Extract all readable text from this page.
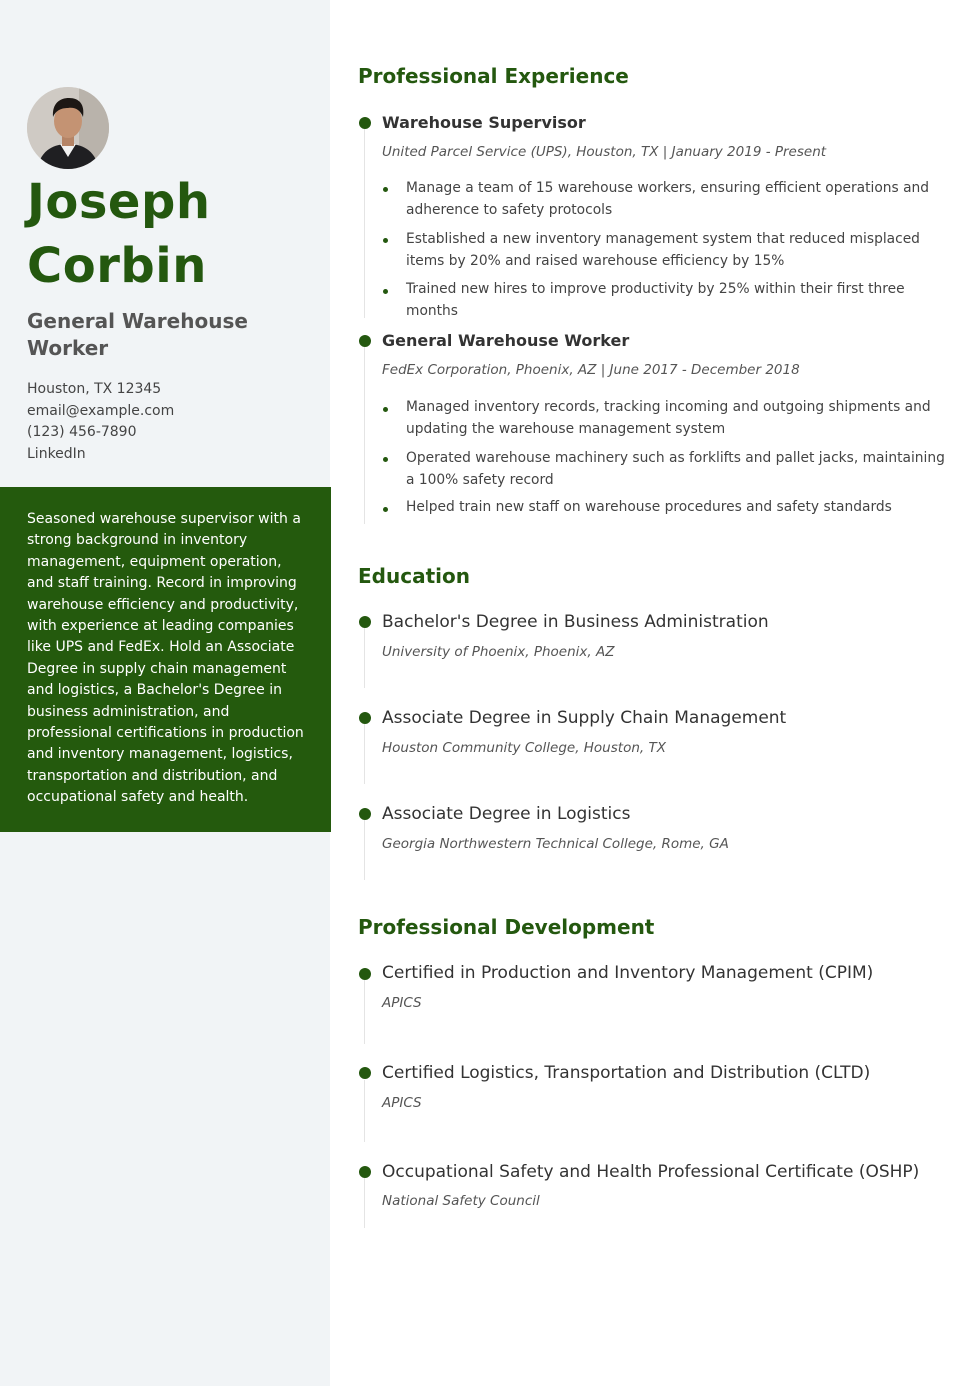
Joseph
Corbin
General Warehouse Worker
Houston, TX 12345
email@example.com
(123) 456-7890
LinkedIn
Seasoned warehouse supervisor with a strong background in inventory management, equipment operation, and staff training. Record in improving warehouse efficiency and productivity, with experience at leading companies like UPS and FedEx. Hold an Associate Degree in supply chain management and logistics, a Bachelor's Degree in business administration, and professional certifications in production and inventory management, logistics, transportation and distribution, and occupational safety and health.
Professional Experience
Warehouse Supervisor
United Parcel Service (UPS), Houston, TX | January 2019 - Present
Manage a team of 15 warehouse workers, ensuring efficient operations and adherence to safety protocols
Established a new inventory management system that reduced misplaced items by 20% and raised warehouse efficiency by 15%
Trained new hires to improve productivity by 25% within their first three months
General Warehouse Worker
FedEx Corporation, Phoenix, AZ | June 2017 - December 2018
Managed inventory records, tracking incoming and outgoing shipments and updating the warehouse management system
Operated warehouse machinery such as forklifts and pallet jacks, maintaining a 100% safety record
Helped train new staff on warehouse procedures and safety standards
Education
Bachelor's Degree in Business Administration
University of Phoenix, Phoenix, AZ
Associate Degree in Supply Chain Management
Houston Community College, Houston, TX
Associate Degree in Logistics
Georgia Northwestern Technical College, Rome, GA
Professional Development
Certified in Production and Inventory Management (CPIM)
APICS
Certified Logistics, Transportation and Distribution (CLTD)
APICS
Occupational Safety and Health Professional Certificate (OSHP)
National Safety Council
